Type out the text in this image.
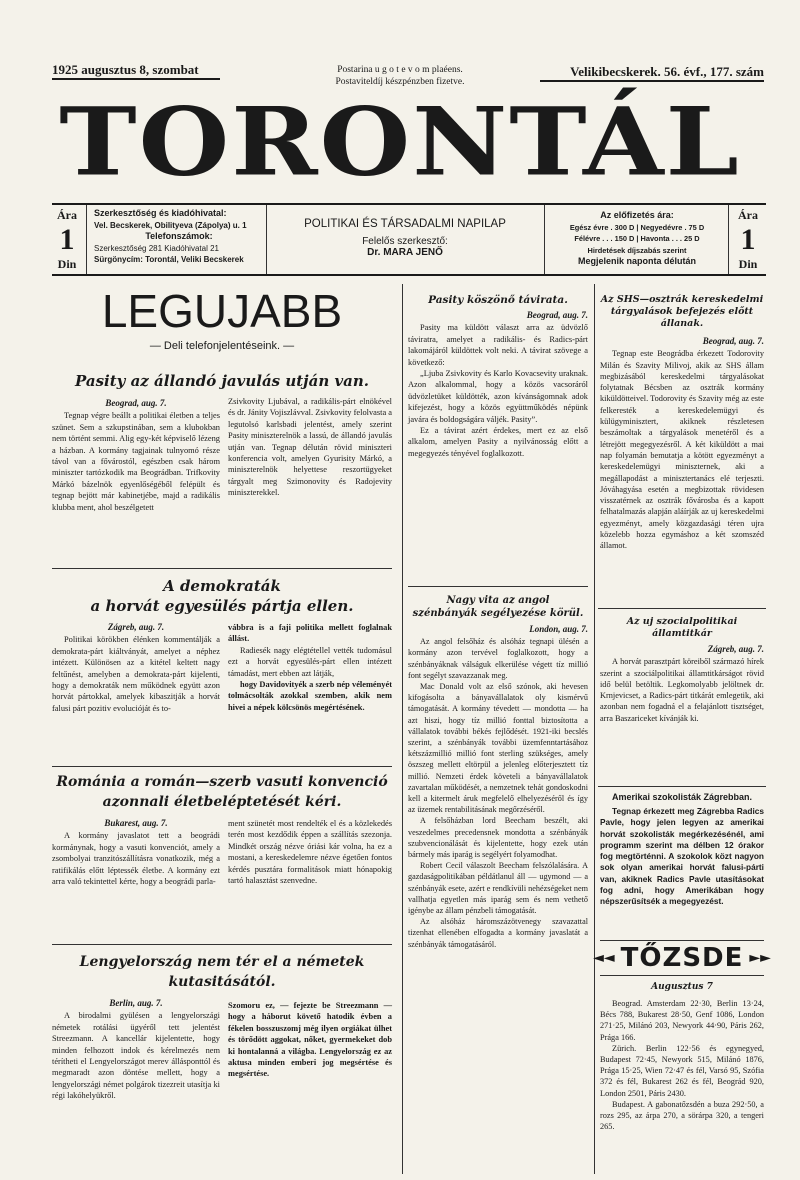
1925 augusztus 8, szombat	Postarina u g o t e v o m plaéens.
Postaviteldíj készpénzben fizetve.
Velikibecskerek. 56. évf., 177. szám
TORONTÁL
Ára
1
Din
Szerkesztőség és kiadóhivatal:
Vel. Becskerek, Obilityeva (Zápolya) u. 1
Telefonszámok:
Szerkesztőség 281 Kiadóhivatal 21
Sürgönycím: Torontál, Veliki Becskerek
POLITIKAI ÉS TÁRSADALMI NAPILAP
Felelős szerkesztő:
Dr. MARA JENŐ
Az előfizetés ára:
Egész évre . 300 D | Negyedévre . 75 D
Félévre . . . 150 D | Havonta . . . 25 D
Hirdetések díjszabás szerint
Megjelenik naponta délután
Ára
1
Din
LEGUJABB
— Deli telefonjelentéseink. —
Pasity az állandó javulás utján van.
Beograd, aug. 7.

Tegnap végre beállt a politikai életben a teljes szünet. Sem a szkupstinában, sem a klubokban nem történt semmi. Alig egy-két képviselő lézeng a házban. A kormány tagjainak tulnyomó része távol van a fővárostól, egészben csak három miniszter tartózkodik ma Beográdban. Trifkovity Márkó bázelnök egyenlőségéből felépült és tegnap bejött már kabinetjébe, majd a radikális klubba ment, ahol beszélgetett

Zsivkovity Ljubával, a radikális-párt elnökével és dr. Jánity Vojiszlávval. Zsivkovity felolvasta a legutolsó karlsbadi jelentést, amely szerint Pasity miniszterelnök a lassú, de állandó javulás utján van. Tegnap délután rövid miniszteri konferencia volt, amelyen Gyurisity Márkó, a miniszterelnök helyettese reszortügyeket tárgyalt meg Szimonovity és Radojevity miniszterekkel.

A demokraták
a horvát egyesülés pártja ellen.
Zágreb, aug. 7.

Politikai körökben élénken kommentálják a demokrata-párt kiáltványát, amelyet a néphez intézett. Különösen az a kitétel keltett nagy feltűnést, amelyben a demokrata-párt kijelenti, hogy a demokraták nem működnek együtt azon horvát pártokkal, amelyek kibaszitják a horvát falusi párt pozitiv evolucióját és to-

vábbra is a faji politika mellett foglalnak állást.

Radiesék nagy elégtétellel vették tudomásul ezt a horvát egyesülés-párt ellen intézett támadást, mert ebben azt látják,

hogy Davidovityék a szerb nép véleményét tolmácsolták azokkal szemben, akik nem hivei a népek kölcsönös megértésének.

Románia a román—szerb vasuti konvenció
azonnali életbeléptetését kéri.
Bukarest, aug. 7.

A kormány javaslatot tett a beográdi kormánynak, hogy a vasuti konvenciót, amely a zsombolyai tranzitószállításra vonatkozik, még a ratifikálás előtt léptessék életbe. A kormány ezt arra való tekintettel kérte, hogy a beográdi parla-

ment szünetét most rendelték el és a közlekedés terén most kezdődik éppen a szállítás szezonja. Mindkét ország nézve óriási kár volna, ha ez a mostani, a kereskedelemre nézve égetően fontos kérdés pusztára formalitások miatt hónapokig tartó halasztást szenvedne.

Lengyelország nem tér el a németek
kutasitásától.
Berlin, aug. 7.

A birodalmi gyülésen a lengyelországi németek rotálási ügyéről tett jelentést Streezmann. A kancellár kijelentette, hogy minden felhozott indok és kérelmezés nem térítheti el Lengyelországot merev állásponttól és megmaradt azon döntése mellett, hogy a lengyelországi német polgárok tizezreit utasítja ki régi lakóhelyükről.

Szomoru ez, — fejezte be Streezmann — hogy a háborut követő hatodik évben a fékelen bosszuszomj még ilyen orgiákat ülhet és törődött aggokat, nőket, gyermekeket dob ki hontalanná a világba. Lengyelország ez az aktusa minden emberi jog megsértése és megsértése.

Pasity köszönő távirata.
Beograd, aug. 7.

Pasity ma küldött választ arra az üdvözlő táviratra, amelyet a radikális- és Radics-párt lakomájáról küldöttek volt neki. A távirat szövege a következő:

„Ljuba Zsivkovity és Karlo Kovacsevity uraknak. Azon alkalommal, hogy a közös vacsoráról üdvözletüket küldötték, azon kívánságomnak adok kifejezést, hogy a közös együttműködés népünk javára és boldogságára váljék. Pasity”.

Ez a távirat azért érdekes, mert ez az első alkalom, amelyen Pasity a nyilvánosság előtt a megegyezés tényével foglalkozott.

Nagy vita az angol
szénbányák segélyezése körül.
London, aug. 7.

Az angol felsőház és alsóház tegnapi ülésén a kormány azon tervével foglalkozott, hogy a szénbányáknak válságuk elkerülése végett tíz millió font segélyt szavazzanak meg.

Mac Donald volt az első szónok, aki hevesen kifogásolta a bányavállalatok oly kismérvű támogatását. A kormány tévedett — mondotta — ha azt hiszi, hogy tíz millió fonttal biztosította a vállalatok további békés fejlődését. 1921-iki becslés szerint, a szénbányák további üzemfenntartásához kétszázmillió millió font sterling szükséges, amely öszszeg mellett eltörpül a jelenleg előterjesztett tíz millió. Nemzeti érdek követeli a bányavállalatok zavartalan működését, a nemzetnek tehát gondoskodni kell a kitermelt áruk megfelelő elhelyezéséről és így az üzemek rentabilitásának megőrzéséről.

A felsőházban lord Beecham beszélt, aki veszedelmes precedensnek mondotta a szénbányák szubvencionálását és kijelentette, hogy ezek után bármely más iparág is segélyért folyamodhat.

Robert Cecil válaszolt Beecham felszólalására. A gazdaságpolitikában példátlanul áll — ugymond — a szénbányák esete, azért e rendkívüli nehézségeket nem vallhatja egyetlen más iparág sem és nem vethető igénybe az állam pénzbeli támogatását.

Az alsóház háromszázötvenegy szavazattal tizenhat ellenében elfogadta a kormány javaslatát a szénbányák támogatásáról.

Az SHS—osztrák kereskedelmi
tárgyalások befejezés előtt
állanak.
Beograd, aug. 7.

Tegnap este Beográdba érkezett Todorovity Milán és Szavity Milivoj, akik az SHS állam megbizásából kereskedelmi tárgyalásokat folytatnak Bécsben az osztrák kormány kiküldötteivel. Todorovity és Szavity még az este felkeresték a kereskedelemügyi és külügyminisztert, akiknek részletesen beszámoltak a tárgyalások menetéről és a létrejött megegyezésről. A két kiküldött a mai nap folyamán bemutatja a kötött egyezményt a kereskedelemügyi miniszternek, aki a megállapodást a minisztertanács elé terjeszti. Jóváhagyása esetén a megbizottak rövidesen visszatérnek az osztrák fővárosba és a kapott felhatalmazás alapján aláírják az uj kereskedelmi egyezményt, amely közgazdasági téren ujra közelebb hozza egymáshoz a két szomszéd államot.

Az uj szocialpolitikai
államtitkár
Zágreb, aug. 7.

A horvát parasztpárt köreiből származó hírek szerint a szociálpolitikai államtitkárságot rövid idő belül betöltik. Legkomolyabb jelöltnek dr. Krnjevicset, a Radics-párt titkárát emlegetik, aki azonban nem fogadná el a felajánlott tisztséget, arra Baszariceket kívánják ki.

Amerikai szokolisták Zágrebban.

Tegnap érkezett meg Zágrebba Radics Pavle, hogy jelen legyen az amerikai horvát szokolisták megérkezésénél, ami programm szerint ma délben 12 órakor fog megtörténni. A szokolok közt nagyon sok olyan amerikai horvát falusi-párti van, akiknek Radics Pavle utasításokat fog adni, hogy Amerikában hogy népszerűsítsék a megegyezést.

◄◄ TŐZSDE ►►
Augusztus 7

Beograd. Amsterdam 22·30, Berlin 13·24, Bécs 788, Bukarest 28·50, Genf 1086, London 271·25, Milánó 203, Newyork 44·90, Páris 262, Prága 166.

Zürich. Berlin 122·56 és egynegyed, Budapest 72·45, Newyork 515, Milánó 1876, Prága 15·25, Wien 72·47 és fél, Varsó 95, Szófia 372 és fél, Bukarest 262 és fél, Beográd 920, London 2501, Páris 2430.

Budapest. A gabonatőzsdén a buza 292·50, a rozs 295, az árpa 270, a sörárpa 320, a tengeri 265.
